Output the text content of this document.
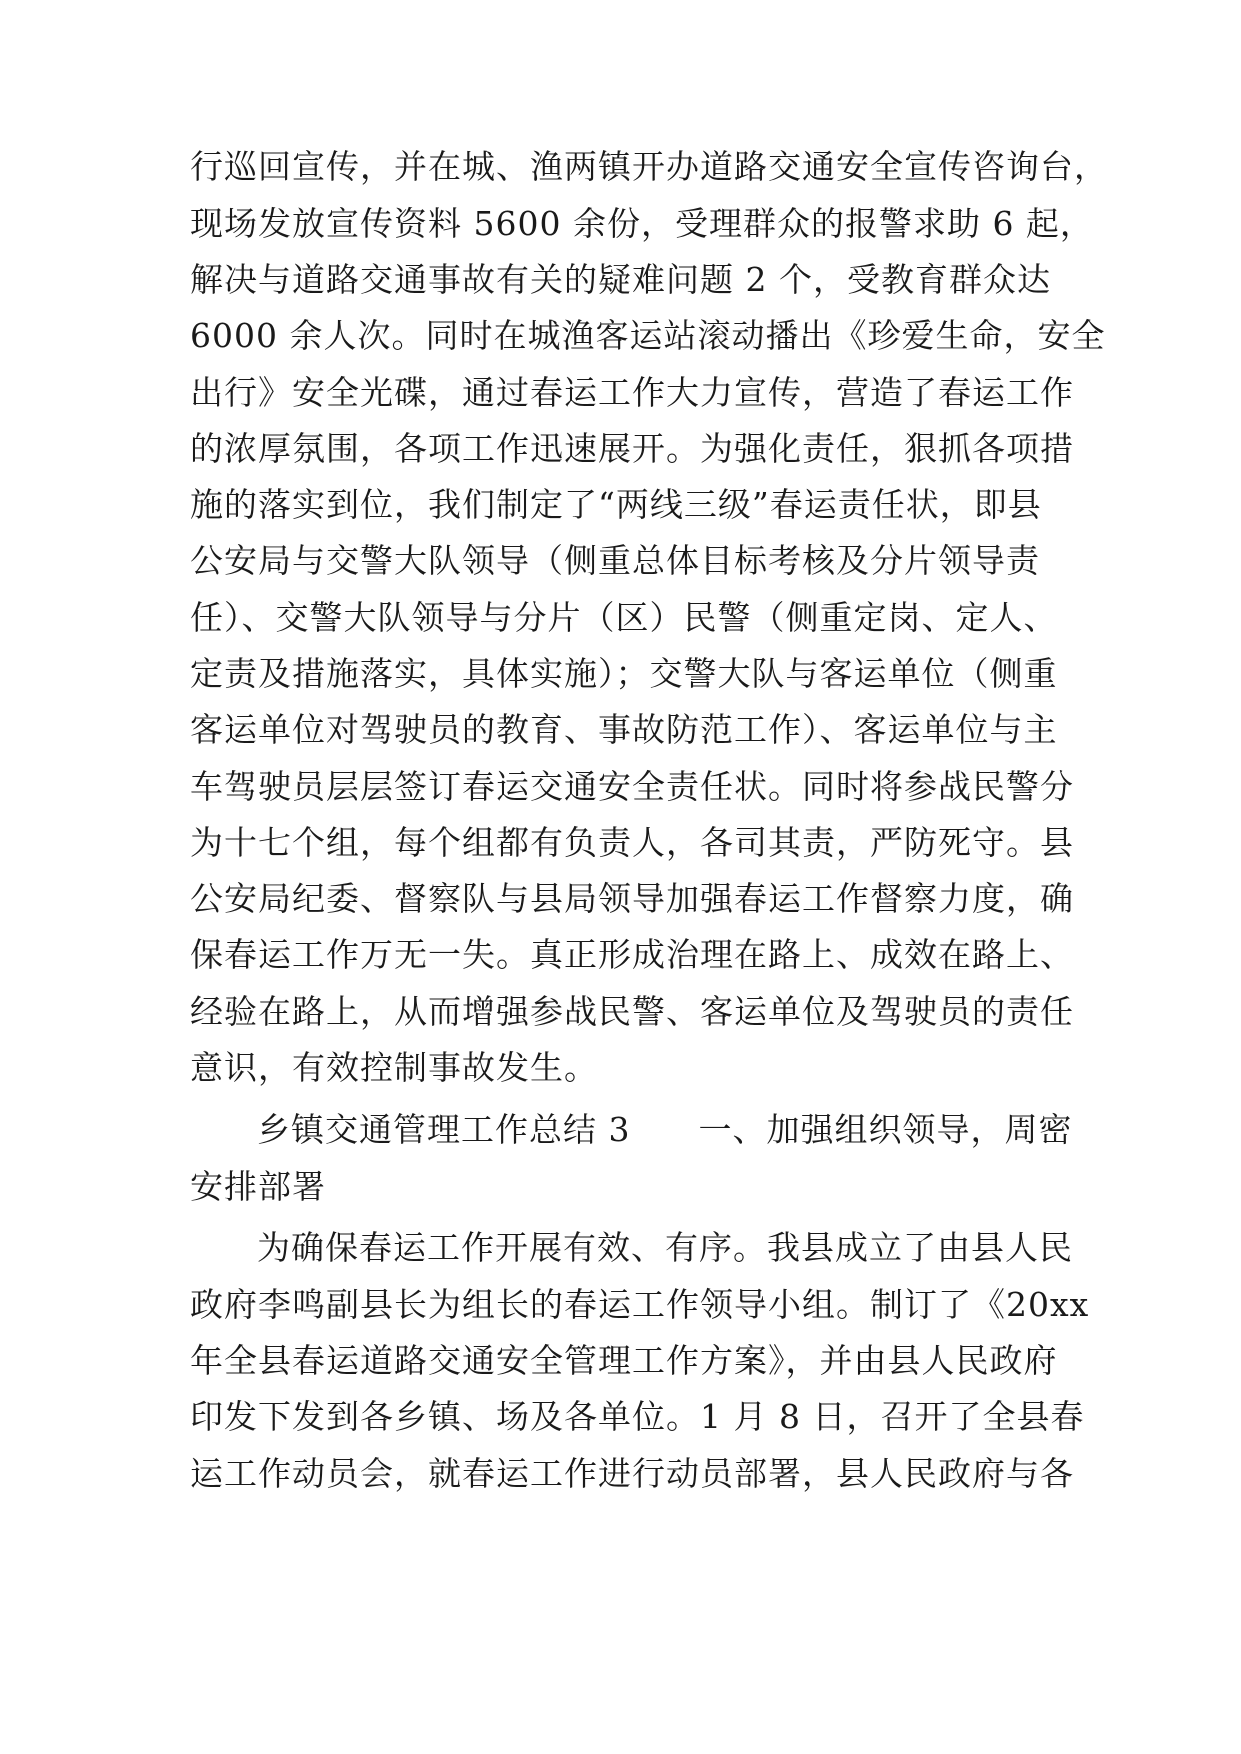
行巡回宣传，并在城、渔两镇开办道路交通安全宣传咨询台，
现场发放宣传资料 5600 余份，受理群众的报警求助 6 起，
解决与道路交通事故有关的疑难问题 2 个，受教育群众达
6000 余人次。同时在城渔客运站滚动播出《珍爱生命，安全
出行》安全光碟，通过春运工作大力宣传，营造了春运工作
的浓厚氛围，各项工作迅速展开。为强化责任，狠抓各项措
施的落实到位，我们制定了“两线三级”春运责任状，即县
公安局与交警大队领导（侧重总体目标考核及分片领导责
任）、交警大队领导与分片（区）民警（侧重定岗、定人、
定责及措施落实，具体实施）；交警大队与客运单位（侧重
客运单位对驾驶员的教育、事故防范工作）、客运单位与主
车驾驶员层层签订春运交通安全责任状。同时将参战民警分
为十七个组，每个组都有负责人，各司其责，严防死守。县
公安局纪委、督察队与县局领导加强春运工作督察力度，确
保春运工作万无一失。真正形成治理在路上、成效在路上、
经验在路上，从而增强参战民警、客运单位及驾驶员的责任
意识，有效控制事故发生。
乡镇交通管理工作总结 3　　一、加强组织领导，周密
安排部署
为确保春运工作开展有效、有序。我县成立了由县人民
政府李鸣副县长为组长的春运工作领导小组。制订了《20xx
年全县春运道路交通安全管理工作方案》，并由县人民政府
印发下发到各乡镇、场及各单位。1 月 8 日，召开了全县春
运工作动员会，就春运工作进行动员部署，县人民政府与各
